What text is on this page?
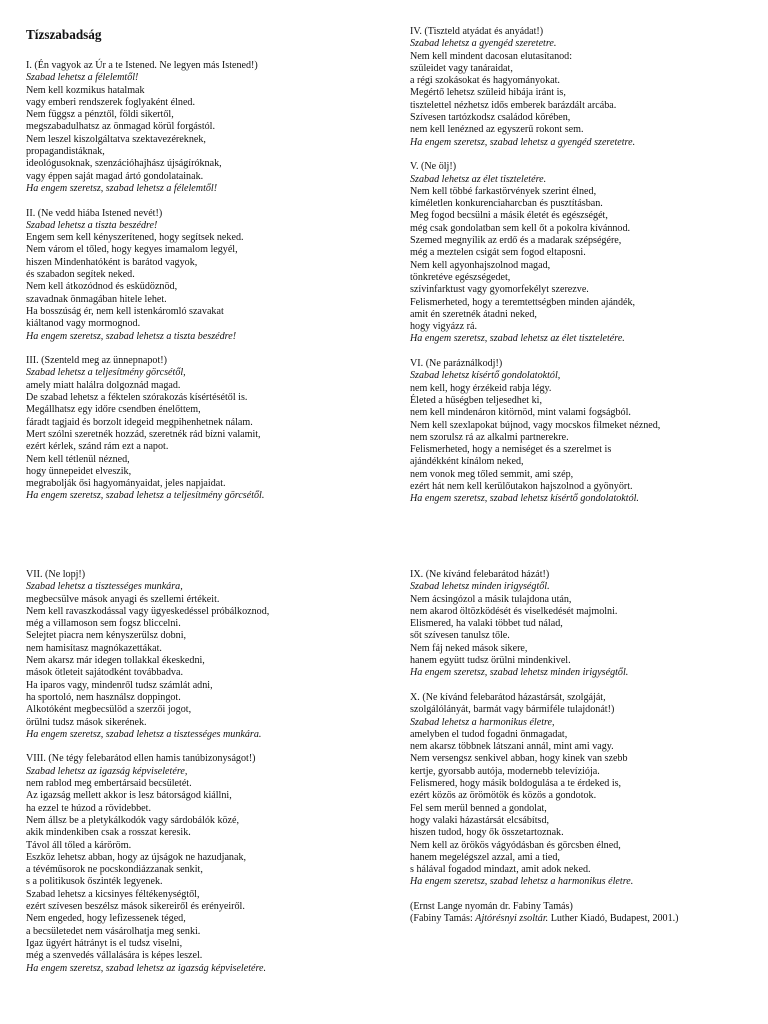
Tízszabadság

I. (Én vagyok az Úr a te Istened. Ne legyen más Istened!)

Szabad lehetsz a félelemtől!

Nem kell kozmikus hatalmak

vagy emberi rendszerek foglyaként élned.

Nem függsz a pénztől, földi sikertől,

megszabadulhatsz az önmagad körül forgástól.

Nem leszel kiszolgáltatva szektavezéreknek,

propagandistáknak,

ideológusoknak, szenzációhajhász újságíróknak,

vagy éppen saját magad ártó gondolatainak.

Ha engem szeretsz, szabad lehetsz a félelemtől!

II. (Ne vedd hiába Istened nevét!)

Szabad lehetsz a tiszta beszédre!

Engem sem kell kényszerítened, hogy segítsek neked.

Nem várom el tőled, hogy kegyes imamalom legyél,

hiszen Mindenhatóként is barátod vagyok,

és szabadon segítek neked.

Nem kell átkozódnod és esküdöznöd,

szavadnak önmagában hitele lehet.

Ha bosszúság ér, nem kell istenkáromló szavakat

kiáltanod vagy mormognod.

Ha engem szeretsz, szabad lehetsz a tiszta beszédre!

III. (Szenteld meg az ünnepnapot!)

Szabad lehetsz a teljesítmény görcsétől,

amely miatt halálra dolgoznád magad.

De szabad lehetsz a féktelen szórakozás kísértésétől is.

Megállhatsz egy időre csendben énelőttem,

fáradt tagjaid és borzolt idegeid megpihenhetnek nálam.

Mert szólni szeretnék hozzád, szeretnék rád bízni valamit,

ezért kérlek, szánd rám ezt a napot.

Nem kell tétlenül nézned,

hogy ünnepeidet elveszik,

megrabolják ősi hagyományaidat, jeles napjaidat.

Ha engem szeretsz, szabad lehetsz a teljesítmény görcsétől.

IV. (Tiszteld atyádat és anyádat!)

Szabad lehetsz a gyengéd szeretetre.

Nem kell mindent dacosan elutasítanod:

szüleidet vagy tanáraidat,

a régi szokásokat és hagyományokat.

Megértő lehetsz szüleid hibája iránt is,

tisztelettel nézhetsz idős emberek barázdált arcába.

Szívesen tartózkodsz családod körében,

nem kell lenézned az egyszerű rokont sem.

Ha engem szeretsz, szabad lehetsz a gyengéd szeretetre.

V. (Ne ölj!)

Szabad lehetsz az élet tiszteletére.

Nem kell többé farkastörvények szerint élned,

kíméletlen konkurenciaharcban és pusztításban.

Meg fogod becsülni a másik életét és egészségét,

még csak gondolatban sem kell őt a pokolra kívánnod.

Szemed megnyílik az erdő és a madarak szépségére,

még a meztelen csigát sem fogod eltaposni.

Nem kell agyonhajszolnod magad,

tönkretéve egészségedet,

szívinfarktust vagy gyomorfekélyt szerezve.

Felismerheted, hogy a teremtettségben minden ajándék,

amit én szeretnék átadni neked,

hogy vigyázz rá.

Ha engem szeretsz, szabad lehetsz az élet tiszteletére.

VI. (Ne paráználkodj!)

Szabad lehetsz kísértő gondolatoktól,

nem kell, hogy érzékeid rabja légy.

Életed a hűségben teljesedhet ki,

nem kell mindenáron kitörnöd, mint valami fogságból.

Nem kell szexlapokat bújnod, vagy mocskos filmeket nézned,

nem szorulsz rá az alkalmi partnerekre.

Felismerheted, hogy a nemiséget és a szerelmet is

ajándékként kínálom neked,

nem vonok meg tőled semmit, ami szép,

ezért hát nem kell kerülőutakon hajszolnod a gyönyört.

Ha engem szeretsz, szabad lehetsz kísértő gondolatoktól.

VII. (Ne lopj!)

Szabad lehetsz a tisztességes munkára,

megbecsülve mások anyagi és szellemi értékeit.

Nem kell ravaszkodással vagy ügyeskedéssel próbálkoznod,

még a villamoson sem fogsz bliccelni.

Selejtet piacra nem kényszerülsz dobni,

nem hamisítasz magnókazettákat.

Nem akarsz már idegen tollakkal ékeskedni,

mások ötleteit sajátodként továbbadva.

Ha iparos vagy, mindenről tudsz számlát adni,

ha sportoló, nem használsz doppingot.

Alkotóként megbecsülöd a szerzői jogot,

örülni tudsz mások sikerének.

Ha engem szeretsz, szabad lehetsz a tisztességes munkára.

VIII. (Ne tégy felebarátod ellen hamis tanúbizonyságot!)

Szabad lehetsz az igazság képviseletére,

nem rablod meg embertársaid becsületét.

Az igazság mellett akkor is lesz bátorságod kiállni,

ha ezzel te húzod a rövidebbet.

Nem állsz be a pletykálkodók vagy sárdobálók közé,

akik mindenkiben csak a rosszat keresik.

Távol áll tőled a káröröm.

Eszköz lehetsz abban, hogy az újságok ne hazudjanak,

a tévéműsorok ne pocskondiázzanak senkit,

s a politikusok őszinték legyenek.

Szabad lehetsz a kicsinyes féltékenységtől,

ezért szívesen beszélsz mások sikereiről és erényeiről.

Nem engeded, hogy lefizessenek téged,

a becsületedet nem vásárolhatja meg senki.

Igaz ügyért hátrányt is el tudsz viselni,

még a szenvedés vállalására is képes leszel.

Ha engem szeretsz, szabad lehetsz az igazság képviseletére.

IX. (Ne kívánd felebarátod házát!)

Szabad lehetsz minden irigységtől.

Nem ácsingózol a másik tulajdona után,

nem akarod öltözködését és viselkedését majmolni.

Elismered, ha valaki többet tud nálad,

sőt szívesen tanulsz tőle.

Nem fáj neked mások sikere,

hanem együtt tudsz örülni mindenkivel.

Ha engem szeretsz, szabad lehetsz minden irigységtől.

X. (Ne kívánd felebarátod házastársát, szolgáját,

szolgálólányát, barmát vagy bármiféle tulajdonát!)

Szabad lehetsz a harmonikus életre,

amelyben el tudod fogadni önmagadat,

nem akarsz többnek látszani annál, mint ami vagy.

Nem versengsz senkivel abban, hogy kinek van szebb

kertje, gyorsabb autója, modernebb televíziója.

Felismered, hogy másik boldogulása a te érdeked is,

ezért közös az örömötök és közös a gondotok.

Fel sem merül benned a gondolat,

hogy valaki házastársát elcsábítsd,

hiszen tudod, hogy ők összetartoznak.

Nem kell az örökös vágyódásban és görcsben élned,

hanem megelégszel azzal, ami a tied,

s hálával fogadod mindazt, amit adok neked.

Ha engem szeretsz, szabad lehetsz a harmonikus életre.

(Ernst Lange nyomán dr. Fabiny Tamás)

(Fabiny Tamás: Ajtórésnyi zsoltár. Luther Kiadó, Budapest, 2001.)
